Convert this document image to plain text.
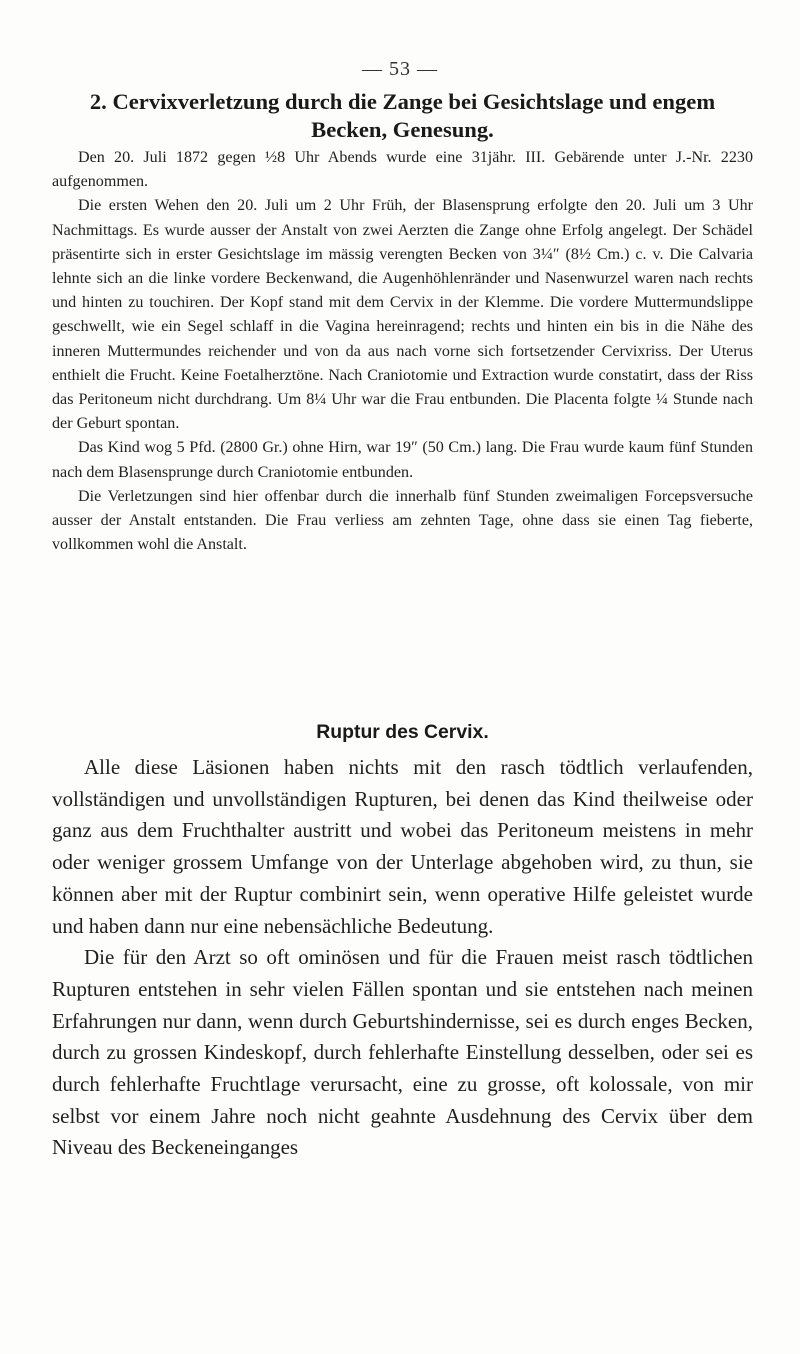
— 53 —
2. Cervixverletzung durch die Zange bei Gesichtslage und engem Becken, Genesung.

Den 20. Juli 1872 gegen ½8 Uhr Abends wurde eine 31jähr. III. Gebärende unter J.-Nr. 2230 aufgenommen.

Die ersten Wehen den 20. Juli um 2 Uhr Früh, der Blasensprung erfolgte den 20. Juli um 3 Uhr Nachmittags. Es wurde ausser der Anstalt von zwei Aerzten die Zange ohne Erfolg angelegt. Der Schädel präsentirte sich in erster Gesichtslage im mässig verengten Becken von 3¼″ (8½ Cm.) c. v. Die Calvaria lehnte sich an die linke vordere Beckenwand, die Augenhöhlenränder und Nasenwurzel waren nach rechts und hinten zu touchiren. Der Kopf stand mit dem Cervix in der Klemme. Die vordere Muttermundslippe geschwellt, wie ein Segel schlaff in die Vagina hereinragend; rechts und hinten ein bis in die Nähe des inneren Muttermundes reichender und von da aus nach vorne sich fortsetzender Cervixriss. Der Uterus enthielt die Frucht. Keine Foetalherztöne. Nach Craniotomie und Extraction wurde constatirt, dass der Riss das Peritoneum nicht durchdrang. Um 8¼ Uhr war die Frau entbunden. Die Placenta folgte ¼ Stunde nach der Geburt spontan.

Das Kind wog 5 Pfd. (2800 Gr.) ohne Hirn, war 19″ (50 Cm.) lang. Die Frau wurde kaum fünf Stunden nach dem Blasensprunge durch Craniotomie entbunden.

Die Verletzungen sind hier offenbar durch die innerhalb fünf Stunden zweimaligen Forcepsversuche ausser der Anstalt entstanden. Die Frau verliess am zehnten Tage, ohne dass sie einen Tag fieberte, vollkommen wohl die Anstalt.

Ruptur des Cervix.

Alle diese Läsionen haben nichts mit den rasch tödtlich verlaufenden, vollständigen und unvollständigen Rupturen, bei denen das Kind theilweise oder ganz aus dem Fruchthalter austritt und wobei das Peritoneum meistens in mehr oder weniger grossem Umfange von der Unterlage abgehoben wird, zu thun, sie können aber mit der Ruptur combinirt sein, wenn operative Hilfe geleistet wurde und haben dann nur eine nebensächliche Bedeutung.

Die für den Arzt so oft ominösen und für die Frauen meist rasch tödtlichen Rupturen entstehen in sehr vielen Fällen spontan und sie entstehen nach meinen Erfahrungen nur dann, wenn durch Geburtshindernisse, sei es durch enges Becken, durch zu grossen Kindeskopf, durch fehlerhafte Einstellung desselben, oder sei es durch fehlerhafte Fruchtlage verursacht, eine zu grosse, oft kolossale, von mir selbst vor einem Jahre noch nicht geahnte Ausdehnung des Cervix über dem Niveau des Beckeneinganges
